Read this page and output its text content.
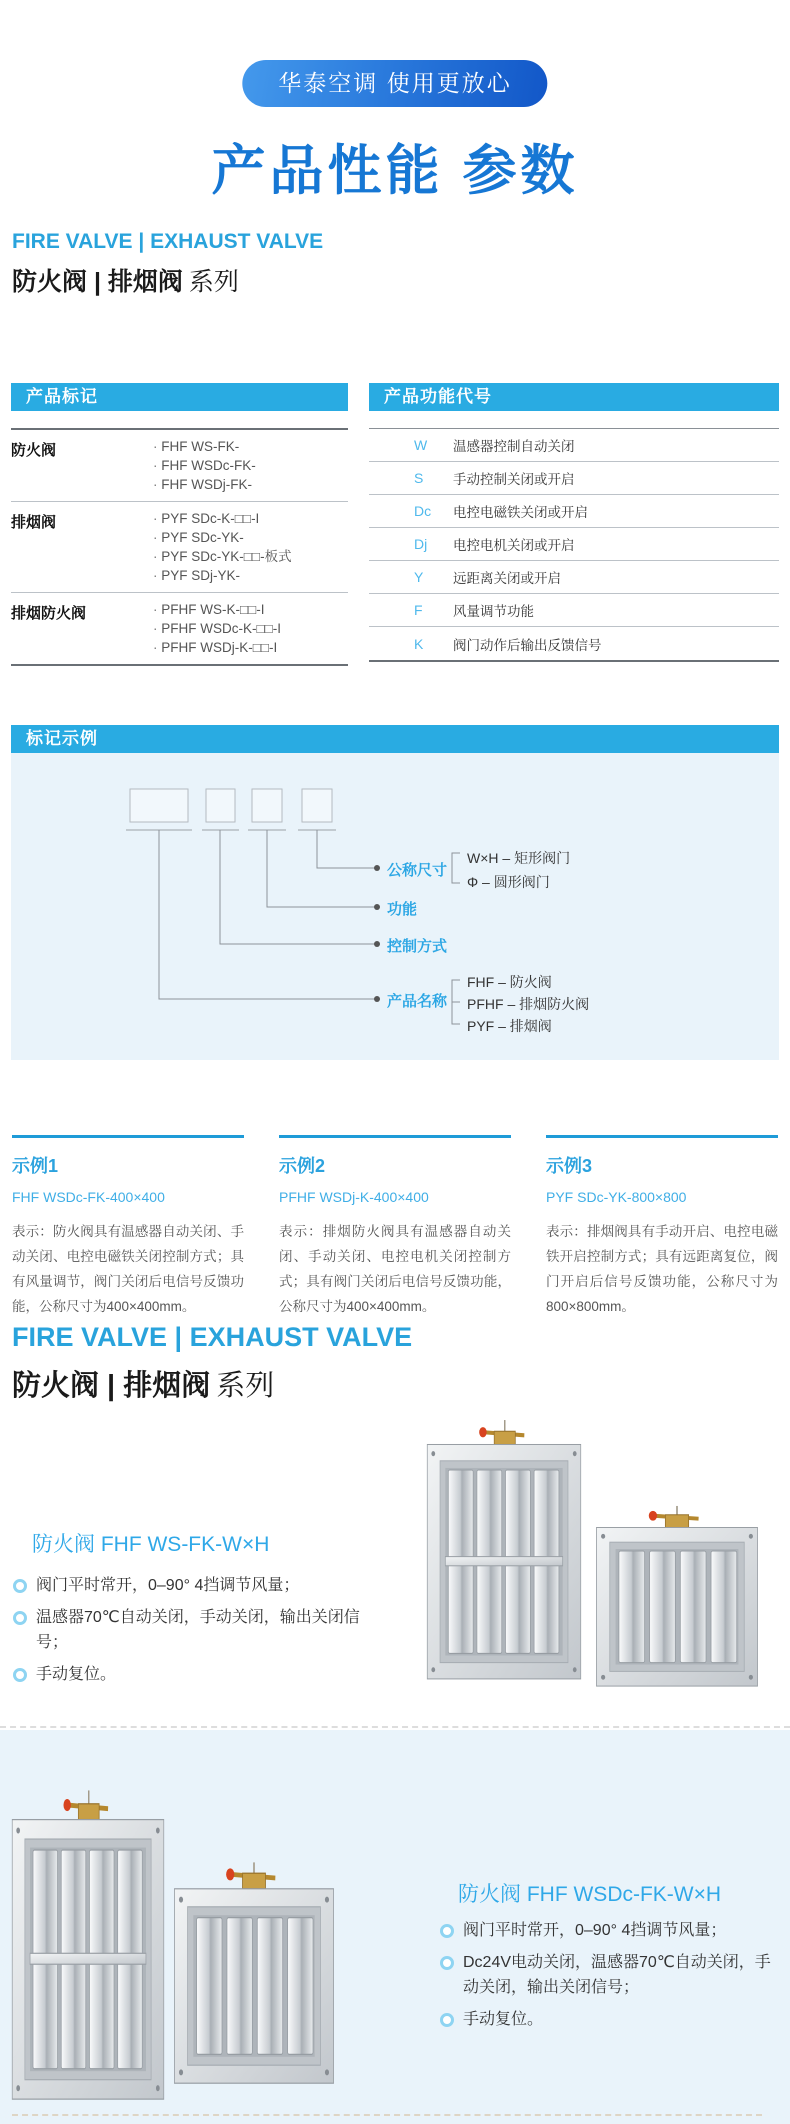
华泰空调 使用更放心
产品性能 参数
FIRE VALVE | EXHAUST VALVE
防火阀 | 排烟阀 系列
产品标记
防火阀	· FHF WS-FK-
· FHF WSDc-FK-
· FHF WSDj-FK-
排烟阀	· PYF SDc-K-□□-I
· PYF SDc-YK-
· PYF SDc-YK-□□-板式
· PYF SDj-YK-
排烟防火阀	· PFHF WS-K-□□-I
· PFHF WSDc-K-□□-I
· PFHF WSDj-K-□□-I
产品功能代号
W	温感器控制自动关闭
S	手动控制关闭或开启
Dc	电控电磁铁关闭或开启
Dj	电控电机关闭或开启
Y	远距离关闭或开启
F	风量调节功能
K	阀门动作后输出反馈信号
标记示例
公称尺寸
功能
控制方式
产品名称
W×H – 矩形阀门
Φ – 圆形阀门
FHF – 防火阀
PFHF – 排烟防火阀
PYF – 排烟阀
示例1
FHF WSDc-FK-400×400
表示：防火阀具有温感器自动关闭、手动关闭、电控电磁铁关闭控制方式；具有风量调节，阀门关闭后电信号反馈功能，公称尺寸为400×400mm。
示例2
PFHF WSDj-K-400×400
表示：排烟防火阀具有温感器自动关闭、手动关闭、电控电机关闭控制方式；具有阀门关闭后电信号反馈功能，公称尺寸为400×400mm。
示例3
PYF SDc-YK-800×800
表示：排烟阀具有手动开启、电控电磁铁开启控制方式；具有远距离复位，阀门开启后信号反馈功能，公称尺寸为800×800mm。
FIRE VALVE | EXHAUST VALVE
防火阀 | 排烟阀 系列
防火阀 FHF WS-FK-W×H
阀门平时常开，0–90° 4挡调节风量；
温感器70℃自动关闭，手动关闭，输出关闭信号；
手动复位。
防火阀 FHF WSDc-FK-W×H
阀门平时常开，0–90° 4挡调节风量；
Dc24V电动关闭，温感器70℃自动关闭，手动关闭，输出关闭信号；
手动复位。
